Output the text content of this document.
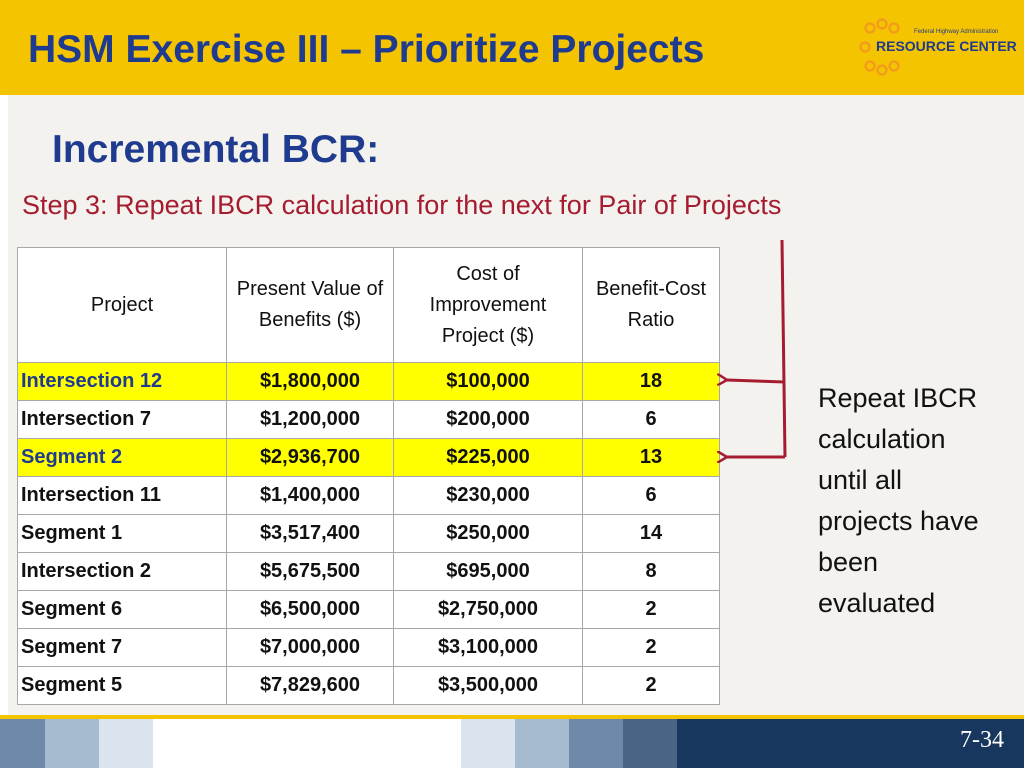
HSM Exercise III – Prioritize Projects	Federal Highway Administration
RESOURCE CENTER
Incremental BCR:
Step 3: Repeat IBCR calculation for the next for Pair of Projects
Project	Present Value of Benefits ($)	Cost of Improvement Project ($)	Benefit-Cost Ratio
Intersection 12	$1,800,000	$100,000	18
Intersection 7	$1,200,000	$200,000	6
Segment 2	$2,936,700	$225,000	13
Intersection 11	$1,400,000	$230,000	6
Segment 1	$3,517,400	$250,000	14
Intersection 2	$5,675,500	$695,000	8
Segment 6	$6,500,000	$2,750,000	2
Segment 7	$7,000,000	$3,100,000	2
Segment 5	$7,829,600	$3,500,000	2
Repeat IBCR calculation until all projects have been evaluated
7-34
